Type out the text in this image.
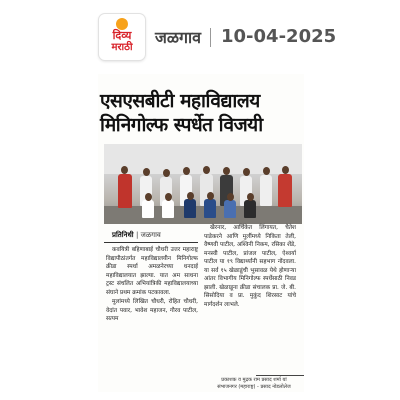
दिव्य
मराठी
जळगाव 10-04-2025
एसएसबीटी महाविद्यालय
मिनिगोल्फ स्पर्धेत विजयी
प्रतिनिधी | जळगाव

कवयित्री बहिणाबाई चौधरी उत्तर महाराष्ट्र विद्यापीठांतर्गत महाविद्यालयीन मिनिगोल्फ क्रीडा स्पर्धा अमळनेरच्या धनदाई महाविद्यालयात झाल्या. यात अम साधना ट्रस्ट संचलित अभियांत्रिकी महाविद्यालयाच्या संघाने प्रथम क्रमांक पटकावला.

मुलांमध्ये लिखित चौधरी, रोहित चौधरी, वेदांत पवार, भावेश महाजन, गौरव पाटील, सत्यम

खैरनार, आर्चिकेत लिंगायत, चैतेश पाडेकरने आणि मुलींमध्ये निकिता तेली, वैष्णवी पाटील, अश्विनी निकम, रसिका शेंडे, मनस्वी पाटील, प्रांजल पाटील, ऐश्वर्या पाटील या १९ विद्यार्थ्यांनी सहभाग नोंदवला. या सर्व १५ खेळाडूंची भुसावळ येथे होणाऱ्या आंतर विभागीय मिनिगोल्फ स्पर्धेसाठी निवड झाली. खेळाडूना क्रीडा संचालक प्रा. जे. बी. सिसोदिया व प्रा. मुकुंद शिरसाट यांचे मार्गदर्शन लाभले.

प्रकाशक व मुद्रक राम प्रसाद शर्मा यां
संभाजनगर (महाराष्ट्र) - प्रसाद नोडलोलेज
